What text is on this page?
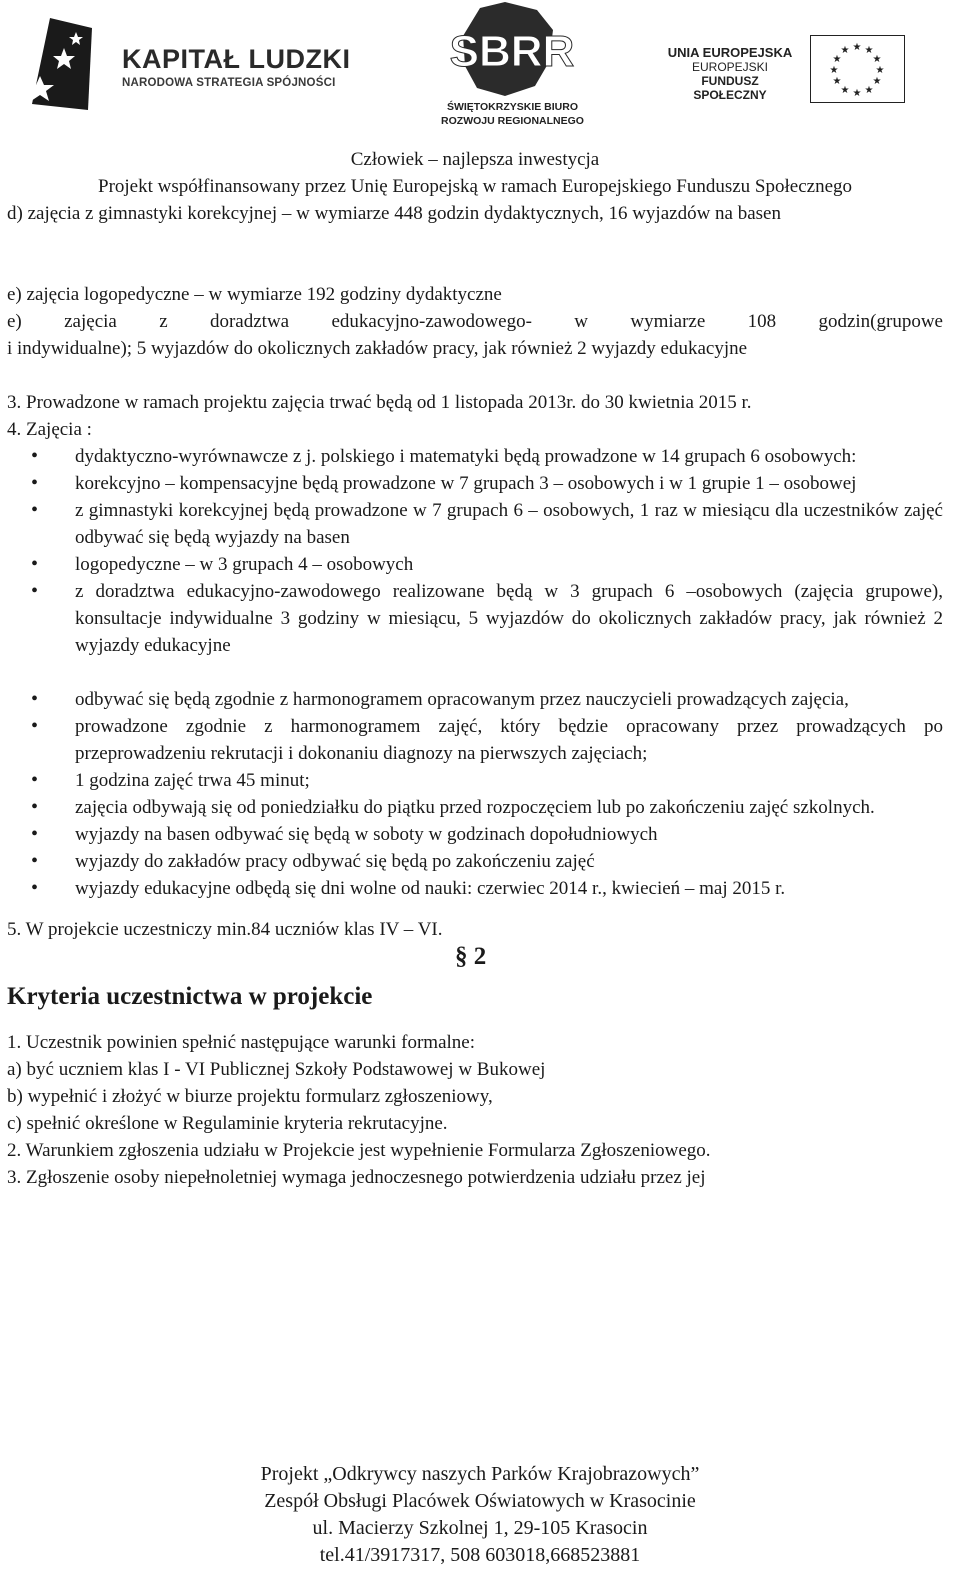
KAPITAŁ LUDZKI
NARODOWA STRATEGIA SPÓJNOŚCI
SBRR
ŚWIĘTOKRZYSKIE BIURO
ROZWOJU REGIONALNEGO
UNIA EUROPEJSKA
EUROPEJSKI
FUNDUSZ SPOŁECZNY
★ ★
★
★
★
★
★
★
★
★
★
★

Człowiek – najlepsza inwestycja

Projekt współfinansowany przez Unię Europejską w ramach Europejskiego Funduszu Społecznego

d) zajęcia z gimnastyki korekcyjnej – w wymiarze 448 godzin dydaktycznych, 16 wyjazdów na basen

e) zajęcia logopedyczne – w wymiarze 192 godziny dydaktyczne

e) zajęcia z doradztwa edukacyjno-zawodowego- w wymiarze 108 godzin(grupowe

i indywidualne); 5 wyjazdów do okolicznych zakładów pracy, jak również 2 wyjazdy edukacyjne

3. Prowadzone w ramach projektu zajęcia trwać będą od 1 listopada 2013r. do 30 kwietnia 2015 r.

4. Zajęcia :

• dydaktyczno-wyrównawcze z j. polskiego i matematyki będą prowadzone w 14 grupach 6 osobowych:
• korekcyjno – kompensacyjne będą prowadzone w 7 grupach 3 – osobowych i w 1 grupie 1 – osobowej
• z gimnastyki korekcyjnej będą prowadzone w 7 grupach 6 – osobowych, 1 raz w miesiącu dla uczestników zajęć odbywać się będą wyjazdy na basen
• logopedyczne – w 3 grupach 4 – osobowych
• z doradztwa edukacyjno-zawodowego realizowane będą w 3 grupach 6 –osobowych (zajęcia grupowe), konsultacje indywidualne 3 godziny w miesiącu, 5 wyjazdów do okolicznych zakładów pracy, jak również 2 wyjazdy edukacyjne
• odbywać się będą zgodnie z harmonogramem opracowanym przez nauczycieli prowadzących zajęcia,
• prowadzone zgodnie z harmonogramem zajęć, który będzie opracowany przez prowadzących po przeprowadzeniu rekrutacji i dokonaniu diagnozy na pierwszych zajęciach;
• 1 godzina zajęć trwa 45 minut;
• zajęcia odbywają się od poniedziałku do piątku przed rozpoczęciem lub po zakończeniu zajęć szkolnych.
• wyjazdy na basen odbywać się będą w soboty w godzinach dopołudniowych
• wyjazdy do zakładów pracy odbywać się będą po zakończeniu zajęć
• wyjazdy edukacyjne odbędą się dni wolne od nauki: czerwiec 2014 r., kwiecień – maj 2015 r.

5. W projekcie uczestniczy min.84 uczniów klas IV – VI.

§ 2
Kryteria uczestnictwa w projekcie

1. Uczestnik powinien spełnić następujące warunki formalne:

a) być uczniem klas I - VI Publicznej Szkoły Podstawowej w Bukowej

b) wypełnić i złożyć w biurze projektu formularz zgłoszeniowy,

c) spełnić określone w Regulaminie kryteria rekrutacyjne.

2. Warunkiem zgłoszenia udziału w Projekcie jest wypełnienie Formularza Zgłoszeniowego.

3. Zgłoszenie osoby niepełnoletniej wymaga jednoczesnego potwierdzenia udziału przez jej

Projekt „Odkrywcy naszych Parków Krajobrazowych”
Zespół Obsługi Placówek Oświatowych w Krasocinie
ul. Macierzy Szkolnej 1, 29-105 Krasocin
tel.41/3917317, 508 603018,668523881
